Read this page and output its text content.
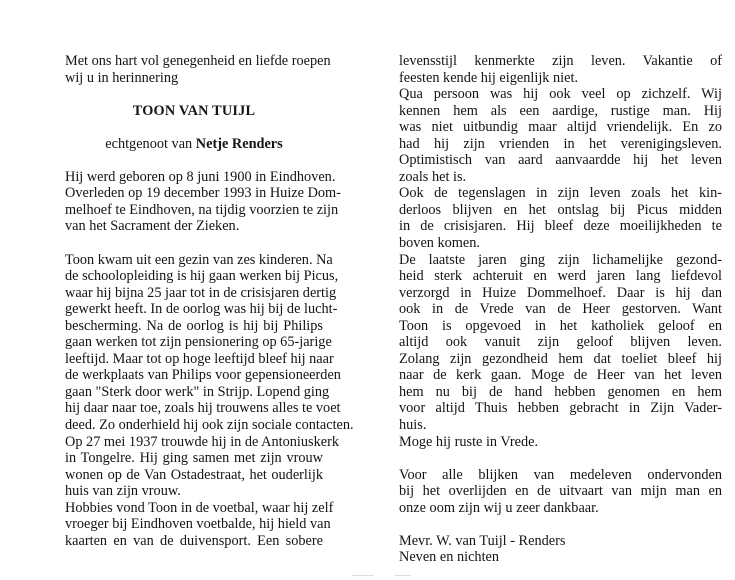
Met ons hart vol genegenheid en liefde roepen
wij u in herinnering
TOON VAN TUIJL
echtgenoot van Netje Renders
Hij werd geboren op 8 juni 1900 in Eindhoven.
Overleden op 19 december 1993 in Huize Dom-
melhoef te Eindhoven, na tijdig voorzien te zijn
van het Sacrament der Zieken.
Toon kwam uit een gezin van zes kinderen. Na
de schoolopleiding is hij gaan werken bij Picus,
waar hij bijna 25 jaar tot in de crisisjaren dertig
gewerkt heeft. In de oorlog was hij bij de lucht-
bescherming. Na de oorlog is hij bij Philips
gaan werken tot zijn pensionering op 65-jarige
leeftijd. Maar tot op hoge leeftijd bleef hij naar
de werkplaats van Philips voor gepensioneerden
gaan "Sterk door werk" in Strijp. Lopend ging
hij daar naar toe, zoals hij trouwens alles te voet
deed. Zo onderhield hij ook zijn sociale contacten.
Op 27 mei 1937 trouwde hij in de Antoniuskerk
in Tongelre. Hij ging samen met zijn vrouw
wonen op de Van Ostadestraat, het ouderlijk
huis van zijn vrouw.
Hobbies vond Toon in de voetbal, waar hij zelf
vroeger bij Eindhoven voetbalde, hij hield van
kaarten en van de duivensport. Een sobere
levensstijl kenmerkte zijn leven. Vakantie of
feesten kende hij eigenlijk niet.
Qua persoon was hij ook veel op zichzelf. Wij
kennen hem als een aardige, rustige man. Hij
was niet uitbundig maar altijd vriendelijk. En zo
had hij zijn vrienden in het verenigingsleven.
Optimistisch van aard aanvaardde hij het leven
zoals het is.
Ook de tegenslagen in zijn leven zoals het kin-
derloos blijven en het ontslag bij Picus midden
in de crisisjaren. Hij bleef deze moeilijkheden te
boven komen.
De laatste jaren ging zijn lichamelijke gezond-
heid sterk achteruit en werd jaren lang liefdevol
verzorgd in Huize Dommelhoef. Daar is hij dan
ook in de Vrede van de Heer gestorven. Want
Toon is opgevoed in het katholiek geloof en
altijd ook vanuit zijn geloof blijven leven.
Zolang zijn gezondheid hem dat toeliet bleef hij
naar de kerk gaan. Moge de Heer van het leven
hem nu bij de hand hebben genomen en hem
voor altijd Thuis hebben gebracht in Zijn Vader-
huis.
Moge hij ruste in Vrede.
Voor alle blijken van medeleven ondervonden
bij het overlijden en de uitvaart van mijn man en
onze oom zijn wij u zeer dankbaar.
Mevr. W. van Tuijl - Renders
Neven en nichten
